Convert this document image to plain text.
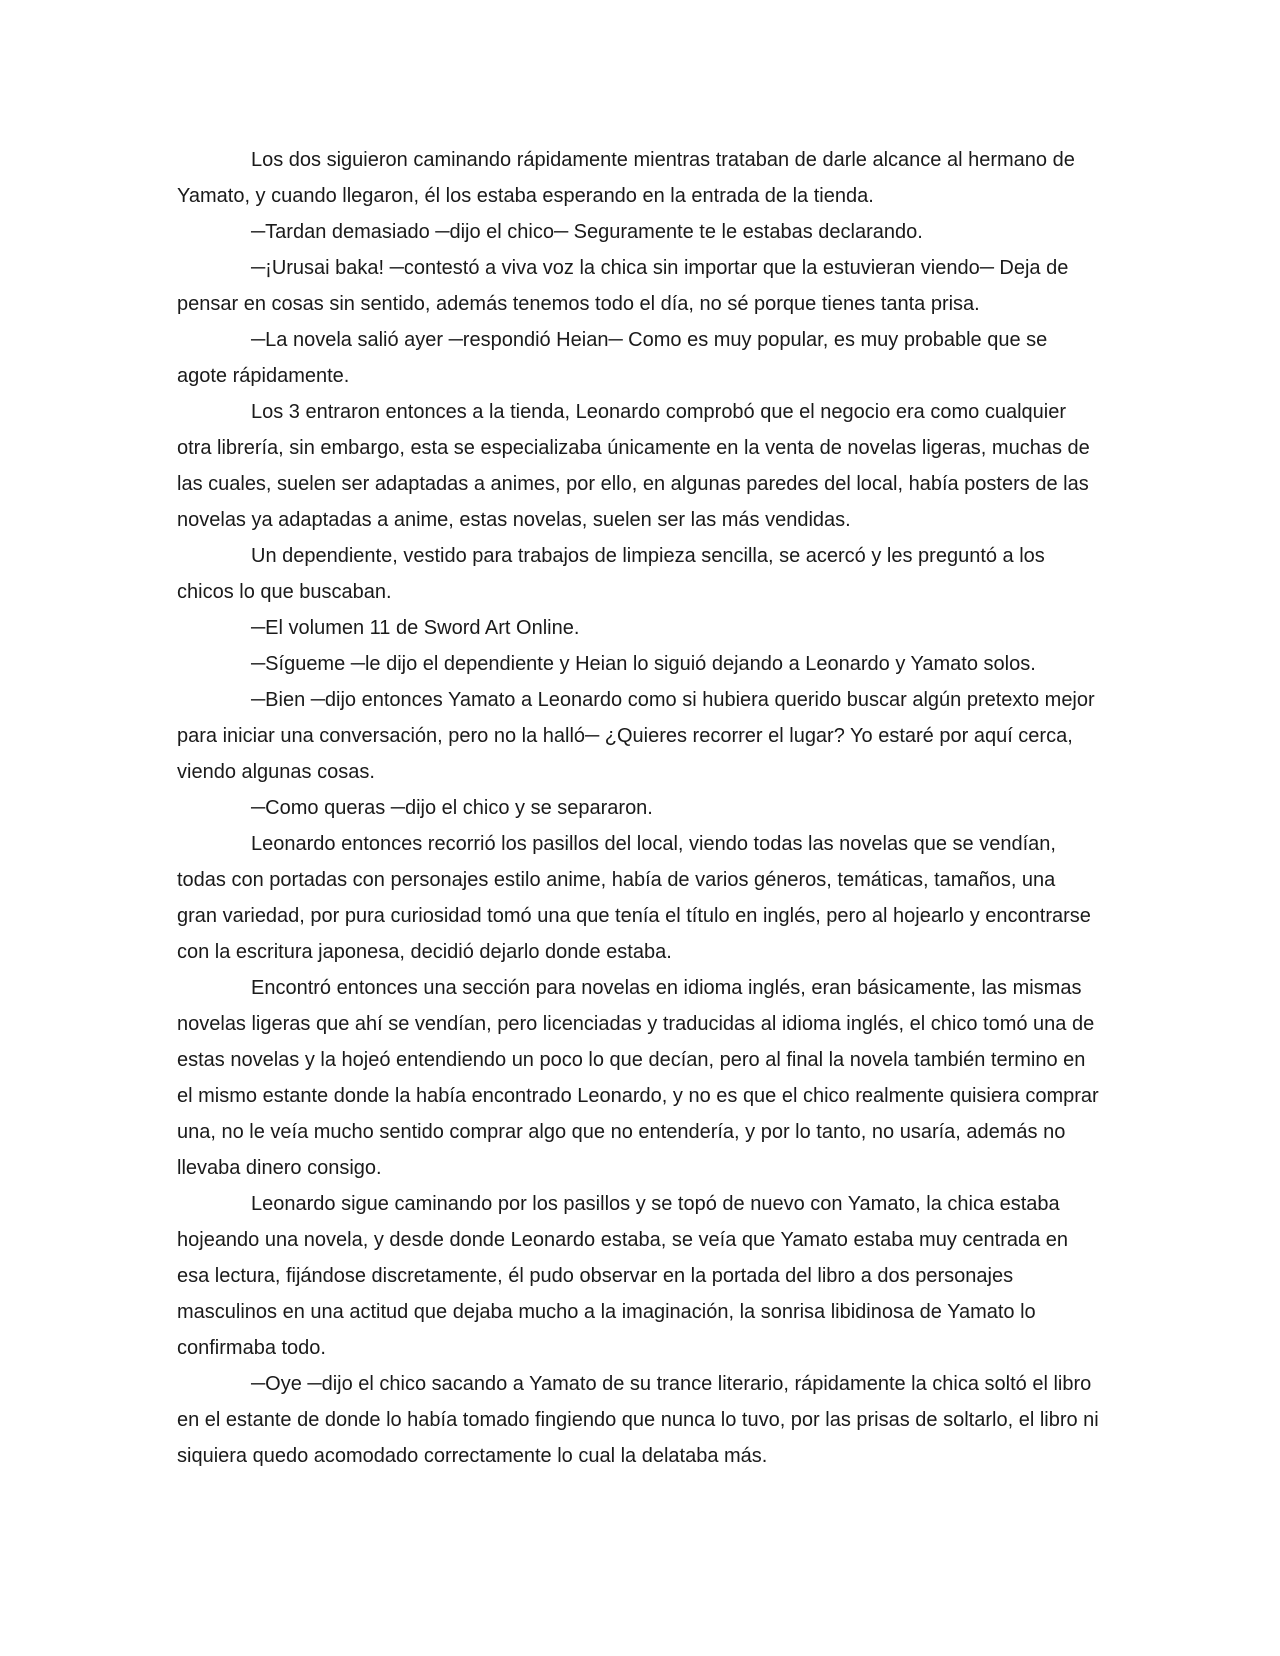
Los dos siguieron caminando rápidamente mientras trataban de darle alcance al hermano de Yamato, y cuando llegaron, él los estaba esperando en la entrada de la tienda.

─Tardan demasiado ─dijo el chico─ Seguramente te le estabas declarando.

─¡Urusai baka! ─contestó a viva voz la chica sin importar que la estuvieran viendo─ Deja de pensar en cosas sin sentido, además tenemos todo el día, no sé porque tienes tanta prisa.

─La novela salió ayer ─respondió Heian─ Como es muy popular, es muy probable que se agote rápidamente.

Los 3 entraron entonces a la tienda, Leonardo comprobó que el negocio era como cualquier otra librería, sin embargo, esta se especializaba únicamente en la venta de novelas ligeras, muchas de las cuales, suelen ser adaptadas a animes, por ello, en algunas paredes del local, había posters de las novelas ya adaptadas a anime, estas novelas, suelen ser las más vendidas.

Un dependiente, vestido para trabajos de limpieza sencilla, se acercó y les preguntó a los chicos lo que buscaban.

─El volumen 11 de Sword Art Online.

─Sígueme ─le dijo el dependiente y Heian lo siguió dejando a Leonardo y Yamato solos.

─Bien ─dijo entonces Yamato a Leonardo como si hubiera querido buscar algún pretexto mejor para iniciar una conversación, pero no la halló─ ¿Quieres recorrer el lugar? Yo estaré por aquí cerca, viendo algunas cosas.

─Como queras ─dijo el chico y se separaron.

Leonardo entonces recorrió los pasillos del local, viendo todas las novelas que se vendían, todas con portadas con personajes estilo anime, había de varios géneros, temáticas, tamaños, una gran variedad, por pura curiosidad tomó una que tenía el título en inglés, pero al hojearlo y encontrarse con la escritura japonesa, decidió dejarlo donde estaba.

Encontró entonces una sección para novelas en idioma inglés, eran básicamente, las mismas novelas ligeras que ahí se vendían, pero licenciadas y traducidas al idioma inglés, el chico tomó una de estas novelas y la hojeó entendiendo un poco lo que decían, pero al final la novela también termino en el mismo estante donde la había encontrado Leonardo, y no es que el chico realmente quisiera comprar una, no le veía mucho sentido comprar algo que no entendería, y por lo tanto, no usaría, además no llevaba dinero consigo.

Leonardo sigue caminando por los pasillos y se topó de nuevo con Yamato, la chica estaba hojeando una novela, y desde donde Leonardo estaba, se veía que Yamato estaba muy centrada en esa lectura, fijándose discretamente, él pudo observar en la portada del libro a dos personajes masculinos en una actitud que dejaba mucho a la imaginación, la sonrisa libidinosa de Yamato lo confirmaba todo.

─Oye ─dijo el chico sacando a Yamato de su trance literario, rápidamente la chica soltó el libro en el estante de donde lo había tomado fingiendo que nunca lo tuvo, por las prisas de soltarlo, el libro ni siquiera quedo acomodado correctamente lo cual la delataba más.
